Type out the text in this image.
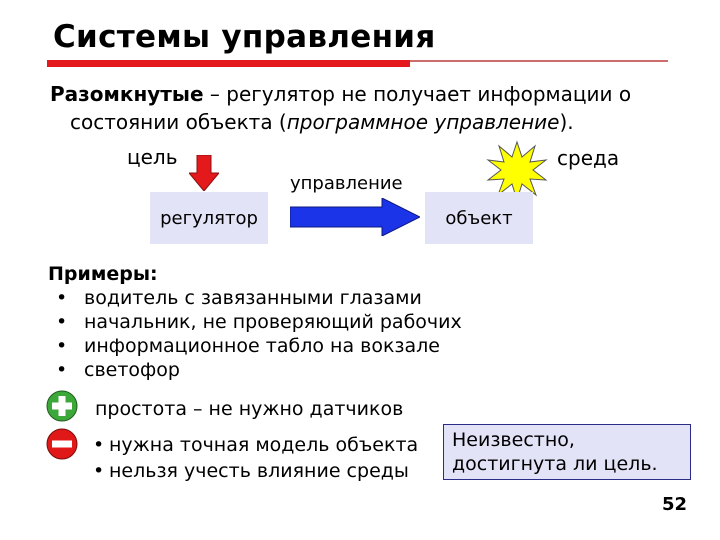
Системы управления
Разомкнутые – регулятор не получает информации о
состоянии объекта (программное управление).
цель
управление
среда
регулятор	объект
Примеры:
• водитель с завязанными глазами
• начальник, не проверяющий рабочих
• информационное табло на вокзале
• светофор
простота – не нужно датчиков
• нужна точная модель объекта
• нельзя учесть влияние среды
Неизвестно,
достигнута ли цель.
52
